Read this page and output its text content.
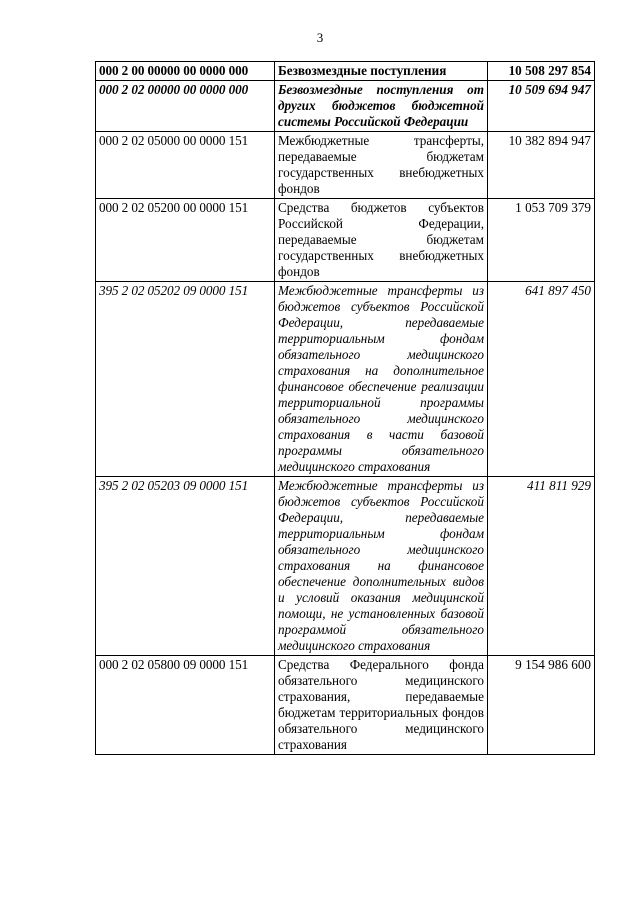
3
000 2 00 00000 00 0000 000	Безвозмездные поступления	10 508 297 854
000 2 02 00000 00 0000 000	Безвозмездные поступления от других бюджетов бюджетной системы Российской Федерации	10 509 694 947
000 2 02 05000 00 0000 151	Межбюджетные трансферты, передаваемые бюджетам государственных внебюджетных фондов	10 382 894 947
000 2 02 05200 00 0000 151	Средства бюджетов субъектов Российской Федерации, передаваемые бюджетам государственных внебюджетных фондов	1 053 709 379
395 2 02 05202 09 0000 151	Межбюджетные трансферты из бюджетов субъектов Российской Федерации, передаваемые территориальным фондам обязательного медицинского страхования на дополнительное финансовое обеспечение реализации территориальной программы обязательного медицинского страхования в части базовой программы обязательного медицинского страхования	641 897 450
395 2 02 05203 09 0000 151	Межбюджетные трансферты из бюджетов субъектов Российской Федерации, передаваемые территориальным фондам обязательного медицинского страхования на финансовое обеспечение дополнительных видов и условий оказания медицинской помощи, не установленных базовой программой обязательного медицинского страхования	411 811 929
000 2 02 05800 09 0000 151	Средства Федерального фонда обязательного медицинского страхования, передаваемые бюджетам территориальных фондов обязательного медицинского страхования	9 154 986 600
